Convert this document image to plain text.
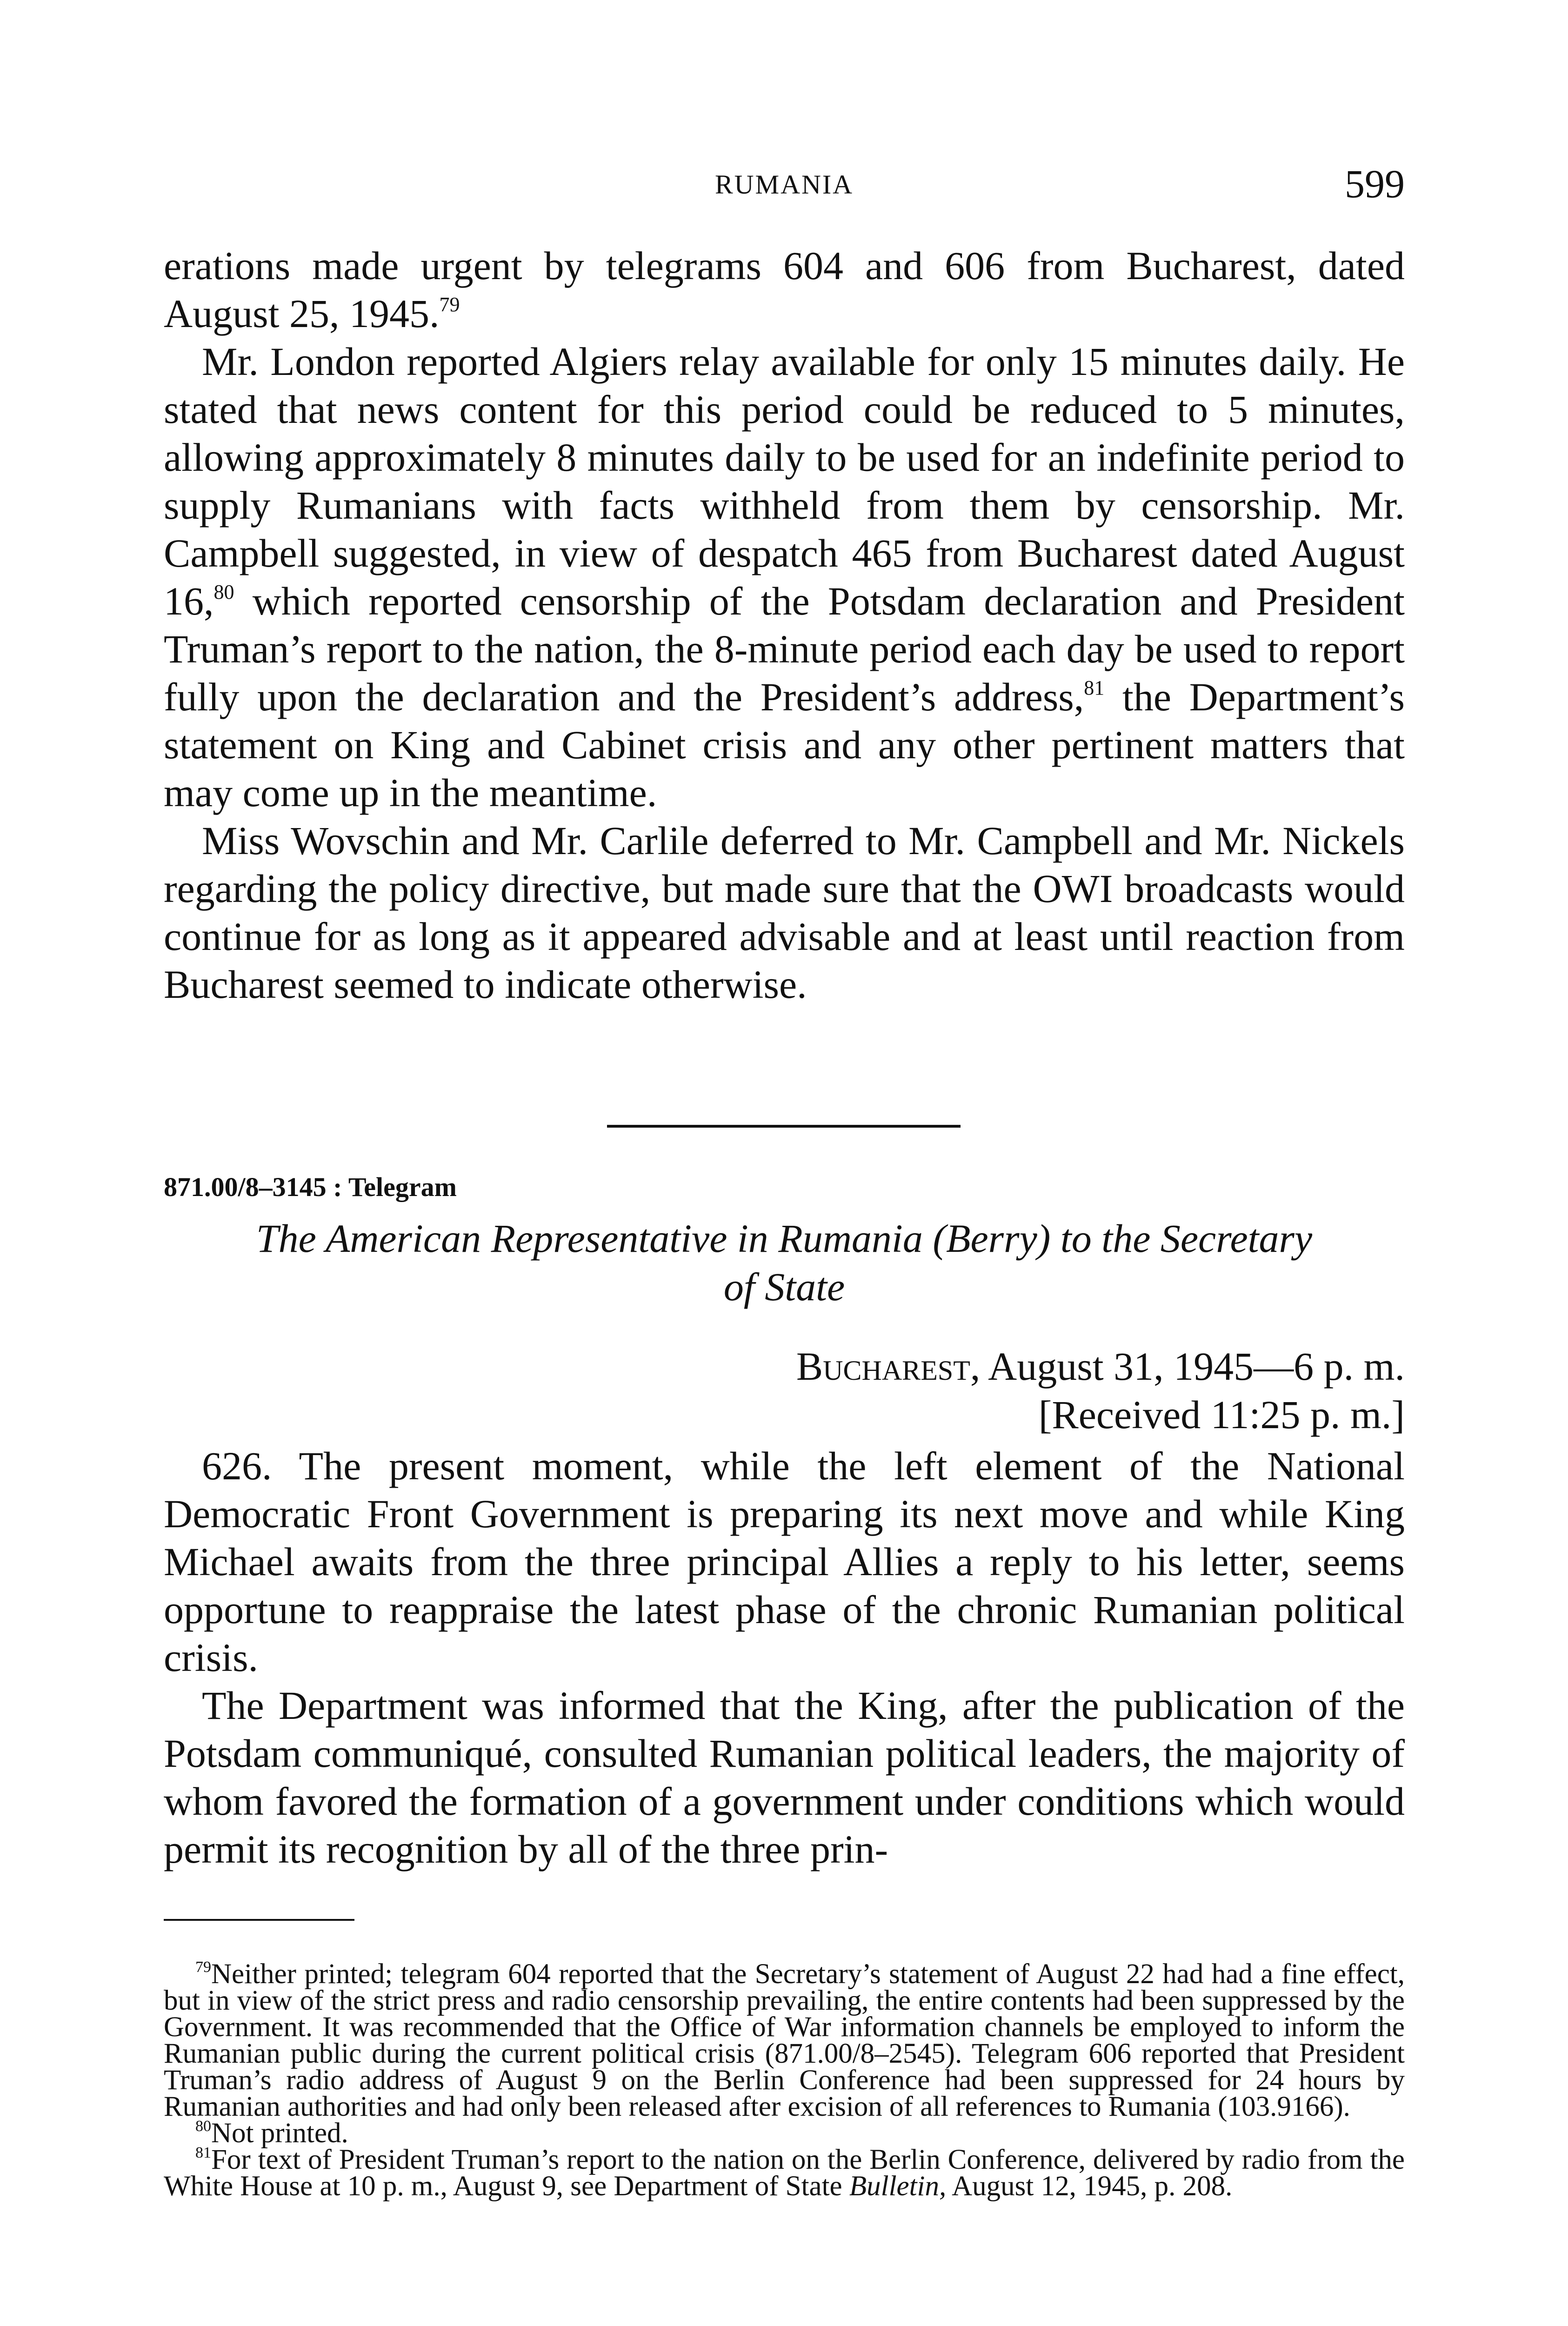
RUMANIA	599

erations made urgent by telegrams 604 and 606 from Bucharest, dated August 25, 1945.79

Mr. London reported Algiers relay available for only 15 minutes daily. He stated that news content for this period could be reduced to 5 minutes, allowing approximately 8 minutes daily to be used for an indefinite period to supply Rumanians with facts withheld from them by censorship. Mr. Campbell suggested, in view of despatch 465 from Bucharest dated August 16,80 which reported censorship of the Potsdam declaration and President Truman’s report to the nation, the 8-minute period each day be used to report fully upon the declaration and the President’s address,$^{81}$ the Department’s statement on King and Cabinet crisis and any other pertinent matters that may come up in the meantime.

Miss Wovschin and Mr. Carlile deferred to Mr. Campbell and Mr. Nickels regarding the policy directive, but made sure that the OWI broadcasts would continue for as long as it appeared advisable and at least until reaction from Bucharest seemed to indicate otherwise.

871.00/8–3145 : Telegram
The American Representative in Rumania (Berry) to the Secretary
of State
Bucharest, August 31, 1945—6 p. m.
[Received 11:25 p. m.]

626. The present moment, while the left element of the National Democratic Front Government is preparing its next move and while King Michael awaits from the three principal Allies a reply to his letter, seems opportune to reappraise the latest phase of the chronic Rumanian political crisis.

The Department was informed that the King, after the publication of the Potsdam communiqué, consulted Rumanian political leaders, the majority of whom favored the formation of a government under conditions which would permit its recognition by all of the three prin-

$^{79}$Neither printed; telegram 604 reported that the Secretary’s statement of August 22 had had a fine effect, but in view of the strict press and radio censorship prevailing, the entire contents had been suppressed by the Government. It was recommended that the Office of War information channels be employed to inform the Rumanian public during the current political crisis (871.00/8–2545). Telegram 606 reported that President Truman’s radio address of August 9 on the Berlin Conference had been suppressed for 24 hours by Rumanian authorities and had only been released after excision of all references to Rumania (103.9166).

$^{80}$Not printed.

$^{81}$For text of President Truman’s report to the nation on the Berlin Conference, delivered by radio from the White House at 10 p. m., August 9, see Department of State Bulletin, August 12, 1945, p. 208.
